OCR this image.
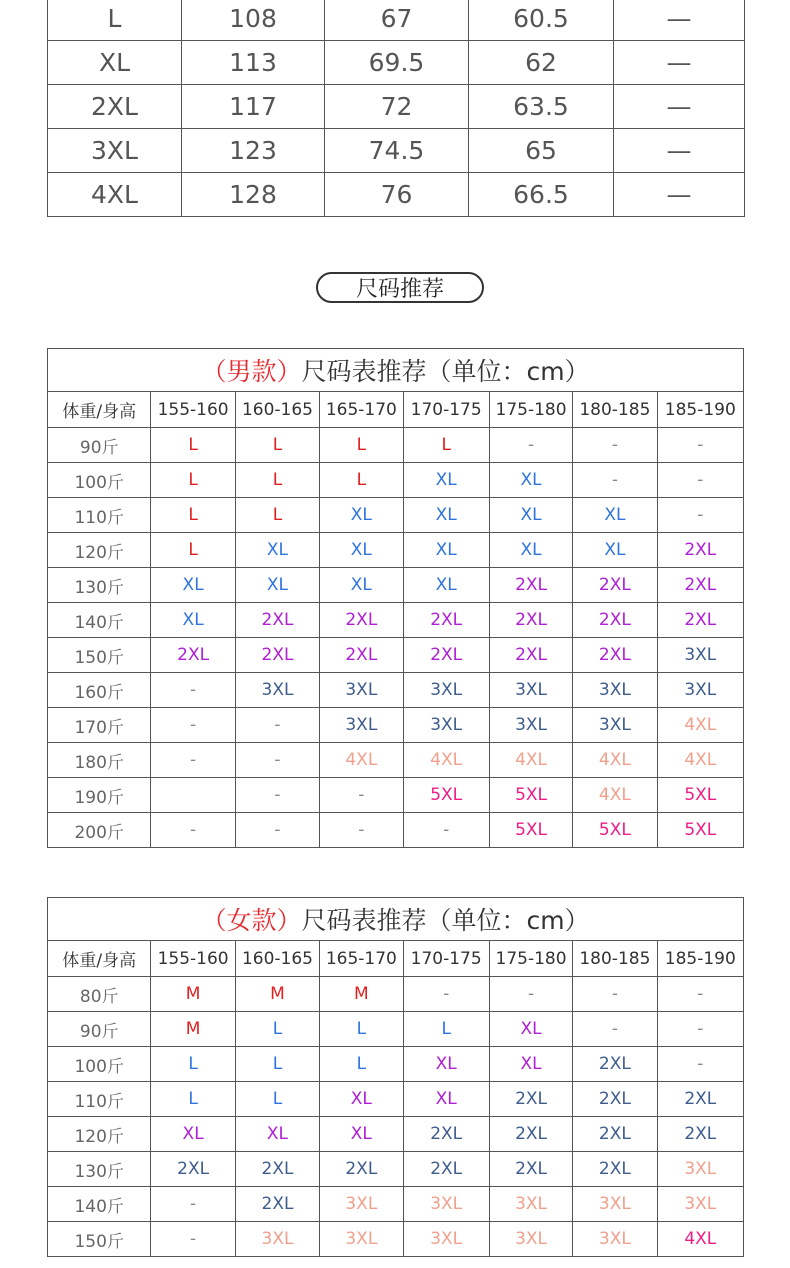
L	108	67	60.5	—
XL	113	69.5	62	—
2XL	117	72	63.5	—
3XL	123	74.5	65	—
4XL	128	76	66.5	—
尺码推荐
（男款）尺码表推荐（单位：cm）							
体重/身高	155-160	160-165	165-170	170-175	175-180	180-185	185-190
90斤	L	L	L	L	-	-	-
100斤	L	L	L	XL	XL	-	-
110斤	L	L	XL	XL	XL	XL	-
120斤	L	XL	XL	XL	XL	XL	2XL
130斤	XL	XL	XL	XL	2XL	2XL	2XL
140斤	XL	2XL	2XL	2XL	2XL	2XL	2XL
150斤	2XL	2XL	2XL	2XL	2XL	2XL	3XL
160斤	-	3XL	3XL	3XL	3XL	3XL	3XL
170斤	-	-	3XL	3XL	3XL	3XL	4XL
180斤	-	-	4XL	4XL	4XL	4XL	4XL
190斤		-	-	5XL	5XL	4XL	5XL
200斤	-	-	-	-	5XL	5XL	5XL
（女款）尺码表推荐（单位：cm）							
体重/身高	155-160	160-165	165-170	170-175	175-180	180-185	185-190
80斤	M	M	M	-	-	-	-
90斤	M	L	L	L	XL	-	-
100斤	L	L	L	XL	XL	2XL	-
110斤	L	L	XL	XL	2XL	2XL	2XL
120斤	XL	XL	XL	2XL	2XL	2XL	2XL
130斤	2XL	2XL	2XL	2XL	2XL	2XL	3XL
140斤	-	2XL	3XL	3XL	3XL	3XL	3XL
150斤	-	3XL	3XL	3XL	3XL	3XL	4XL
